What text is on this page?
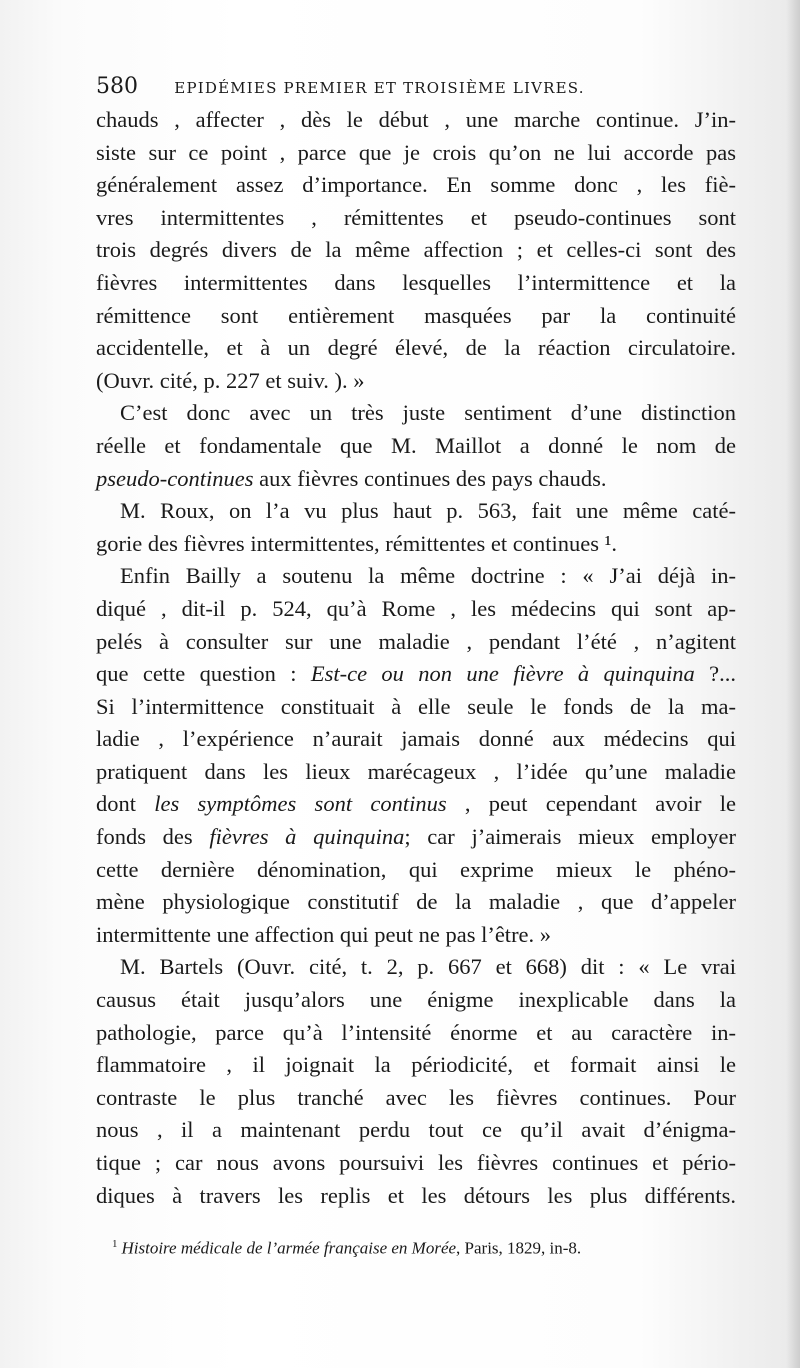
580 EPIDÉMIES PREMIER ET TROISIÈME LIVRES.
chauds , affecter , dès le début , une marche continue. J’in-
siste sur ce point , parce que je crois qu’on ne lui accorde pas
généralement assez d’importance. En somme donc , les fiè-
vres intermittentes , rémittentes et pseudo-continues sont
trois degrés divers de la même affection ; et celles-ci sont des
fièvres intermittentes dans lesquelles l’intermittence et la
rémittence sont entièrement masquées par la continuité
accidentelle, et à un degré élevé, de la réaction circulatoire.
(Ouvr. cité, p. 227 et suiv. ). »
C’est donc avec un très juste sentiment d’une distinction
réelle et fondamentale que M. Maillot a donné le nom de
pseudo-continues aux fièvres continues des pays chauds.
M. Roux, on l’a vu plus haut p. 563, fait une même caté-
gorie des fièvres intermittentes, rémittentes et continues ¹.
Enfin Bailly a soutenu la même doctrine : « J’ai déjà in-
diqué , dit-il p. 524, qu’à Rome , les médecins qui sont ap-
pelés à consulter sur une maladie , pendant l’été , n’agitent
que cette question : Est-ce ou non une fièvre à quinquina ?...
Si l’intermittence constituait à elle seule le fonds de la ma-
ladie , l’expérience n’aurait jamais donné aux médecins qui
pratiquent dans les lieux marécageux , l’idée qu’une maladie
dont les symptômes sont continus , peut cependant avoir le
fonds des fièvres à quinquina; car j’aimerais mieux employer
cette dernière dénomination, qui exprime mieux le phéno-
mène physiologique constitutif de la maladie , que d’appeler
intermittente une affection qui peut ne pas l’être. »
M. Bartels (Ouvr. cité, t. 2, p. 667 et 668) dit : « Le vrai
causus était jusqu’alors une énigme inexplicable dans la
pathologie, parce qu’à l’intensité énorme et au caractère in-
flammatoire , il joignait la périodicité, et formait ainsi le
contraste le plus tranché avec les fièvres continues. Pour
nous , il a maintenant perdu tout ce qu’il avait d’énigma-
tique ; car nous avons poursuivi les fièvres continues et pério-
diques à travers les replis et les détours les plus différents.
$^1$ Histoire médicale de l’armée française en Morée, Paris, 1829, in-8.
